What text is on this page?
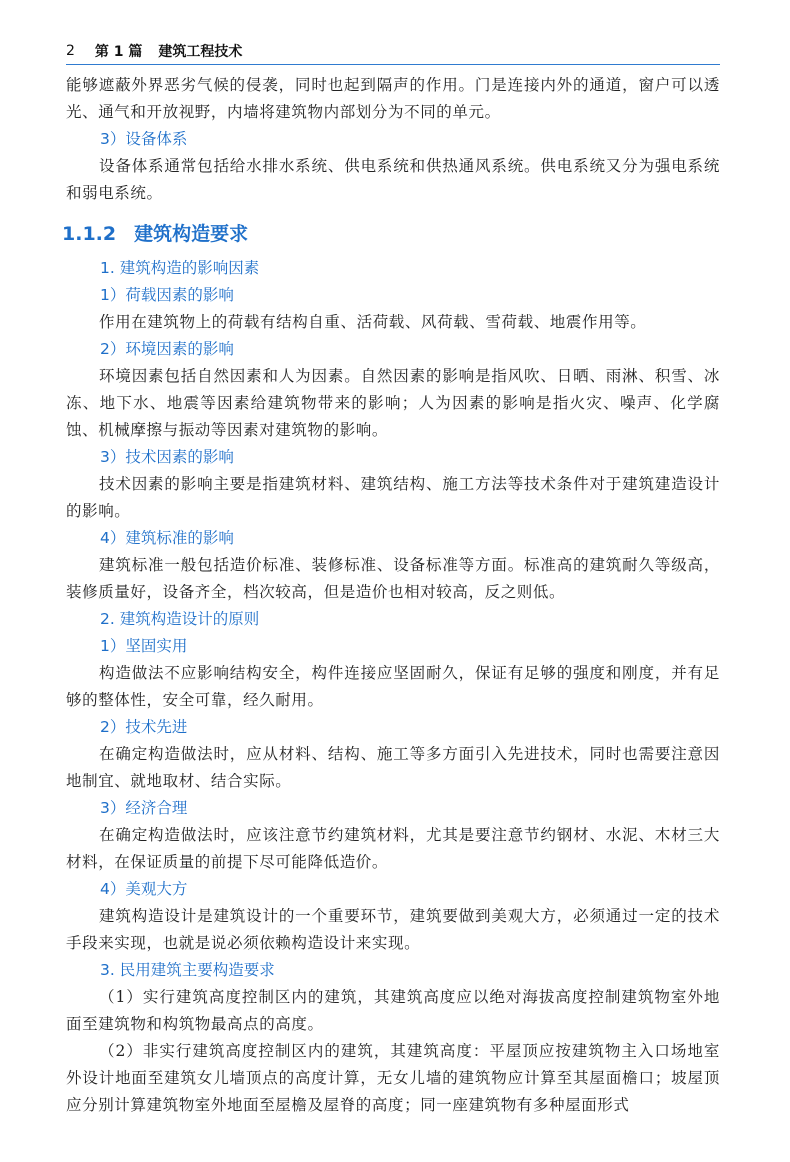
2 第 1 篇 建筑工程技术

能够遮蔽外界恶劣气候的侵袭，同时也起到隔声的作用。门是连接内外的通道，窗户可以透光、通气和开放视野，内墙将建筑物内部划分为不同的单元。

3）设备体系

设备体系通常包括给水排水系统、供电系统和供热通风系统。供电系统又分为强电系统和弱电系统。

1.1.2 建筑构造要求

1. 建筑构造的影响因素

1）荷载因素的影响

作用在建筑物上的荷载有结构自重、活荷载、风荷载、雪荷载、地震作用等。

2）环境因素的影响

环境因素包括自然因素和人为因素。自然因素的影响是指风吹、日晒、雨淋、积雪、冰冻、地下水、地震等因素给建筑物带来的影响；人为因素的影响是指火灾、噪声、化学腐蚀、机械摩擦与振动等因素对建筑物的影响。

3）技术因素的影响

技术因素的影响主要是指建筑材料、建筑结构、施工方法等技术条件对于建筑建造设计的影响。

4）建筑标准的影响

建筑标准一般包括造价标准、装修标准、设备标准等方面。标准高的建筑耐久等级高，装修质量好，设备齐全，档次较高，但是造价也相对较高，反之则低。

2. 建筑构造设计的原则

1）坚固实用

构造做法不应影响结构安全，构件连接应坚固耐久，保证有足够的强度和刚度，并有足够的整体性，安全可靠，经久耐用。

2）技术先进

在确定构造做法时，应从材料、结构、施工等多方面引入先进技术，同时也需要注意因地制宜、就地取材、结合实际。

3）经济合理

在确定构造做法时，应该注意节约建筑材料，尤其是要注意节约钢材、水泥、木材三大材料，在保证质量的前提下尽可能降低造价。

4）美观大方

建筑构造设计是建筑设计的一个重要环节，建筑要做到美观大方，必须通过一定的技术手段来实现，也就是说必须依赖构造设计来实现。

3. 民用建筑主要构造要求

（1）实行建筑高度控制区内的建筑，其建筑高度应以绝对海拔高度控制建筑物室外地面至建筑物和构筑物最高点的高度。

（2）非实行建筑高度控制区内的建筑，其建筑高度：平屋顶应按建筑物主入口场地室外设计地面至建筑女儿墙顶点的高度计算，无女儿墙的建筑物应计算至其屋面檐口；坡屋顶应分别计算建筑物室外地面至屋檐及屋脊的高度；同一座建筑物有多种屋面形式
